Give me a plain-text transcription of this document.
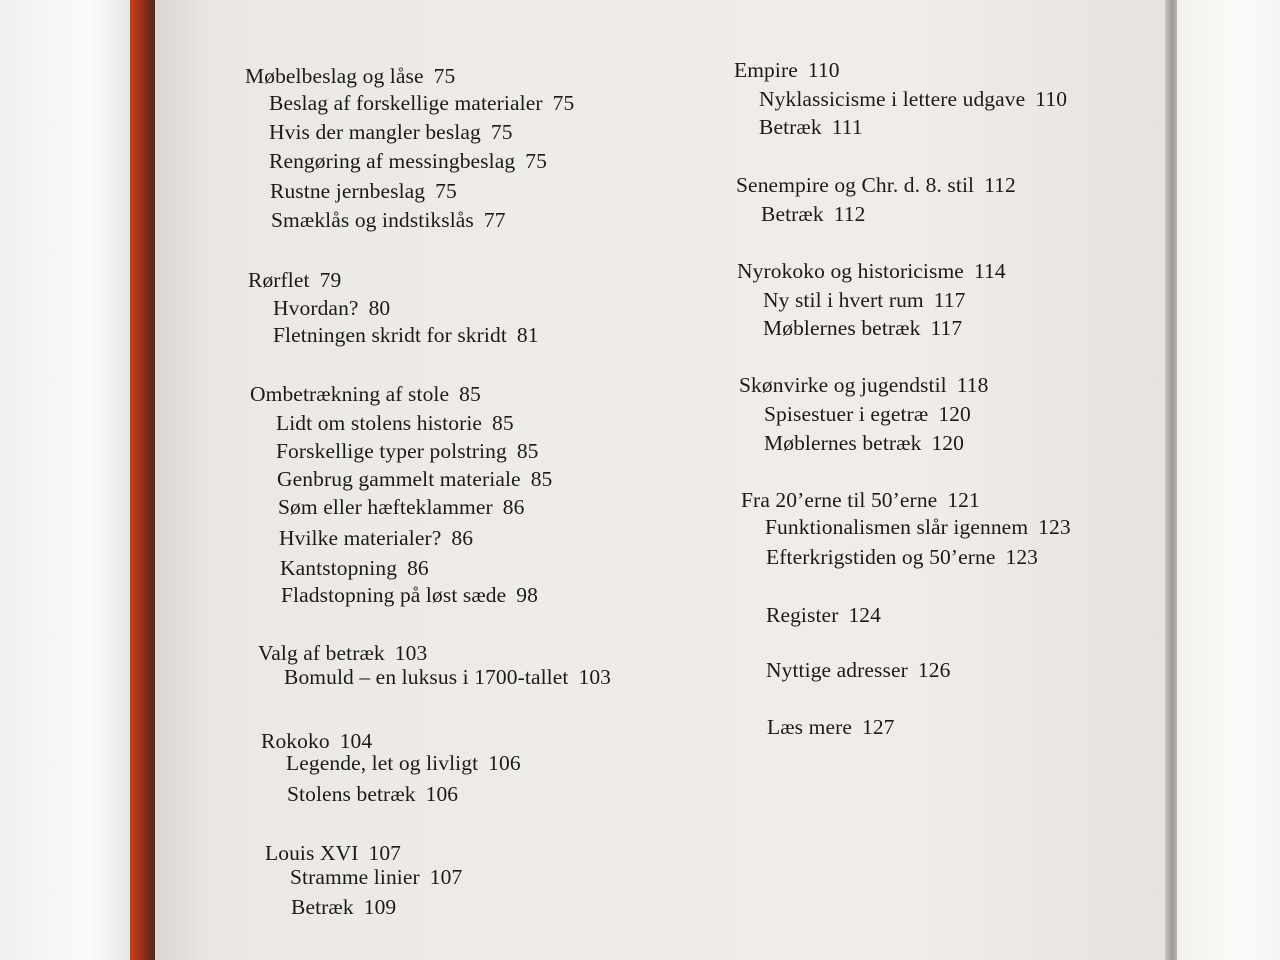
Møbelbeslag og låse 75
Beslag af forskellige materialer 75
Hvis der mangler beslag 75
Rengøring af messingbeslag 75
Rustne jernbeslag 75
Smæklås og indstikslås 77
Rørflet 79
Hvordan? 80
Fletningen skridt for skridt 81
Ombetrækning af stole 85
Lidt om stolens historie 85
Forskellige typer polstring 85
Genbrug gammelt materiale 85
Søm eller hæfteklammer 86
Hvilke materialer? 86
Kantstopning 86
Fladstopning på løst sæde 98
Valg af betræk 103
Bomuld – en luksus i 1700-tallet 103
Rokoko 104
Legende, let og livligt 106
Stolens betræk 106
Louis XVI 107
Stramme linier 107
Betræk 109
Empire 110
Nyklassicisme i lettere udgave 110
Betræk 111
Senempire og Chr. d. 8. stil 112
Betræk 112
Nyrokoko og historicisme 114
Ny stil i hvert rum 117
Møblernes betræk 117
Skønvirke og jugendstil 118
Spisestuer i egetræ 120
Møblernes betræk 120
Fra 20’erne til 50’erne 121
Funktionalismen slår igennem 123
Efterkrigstiden og 50’erne 123
Register 124
Nyttige adresser 126
Læs mere 127
